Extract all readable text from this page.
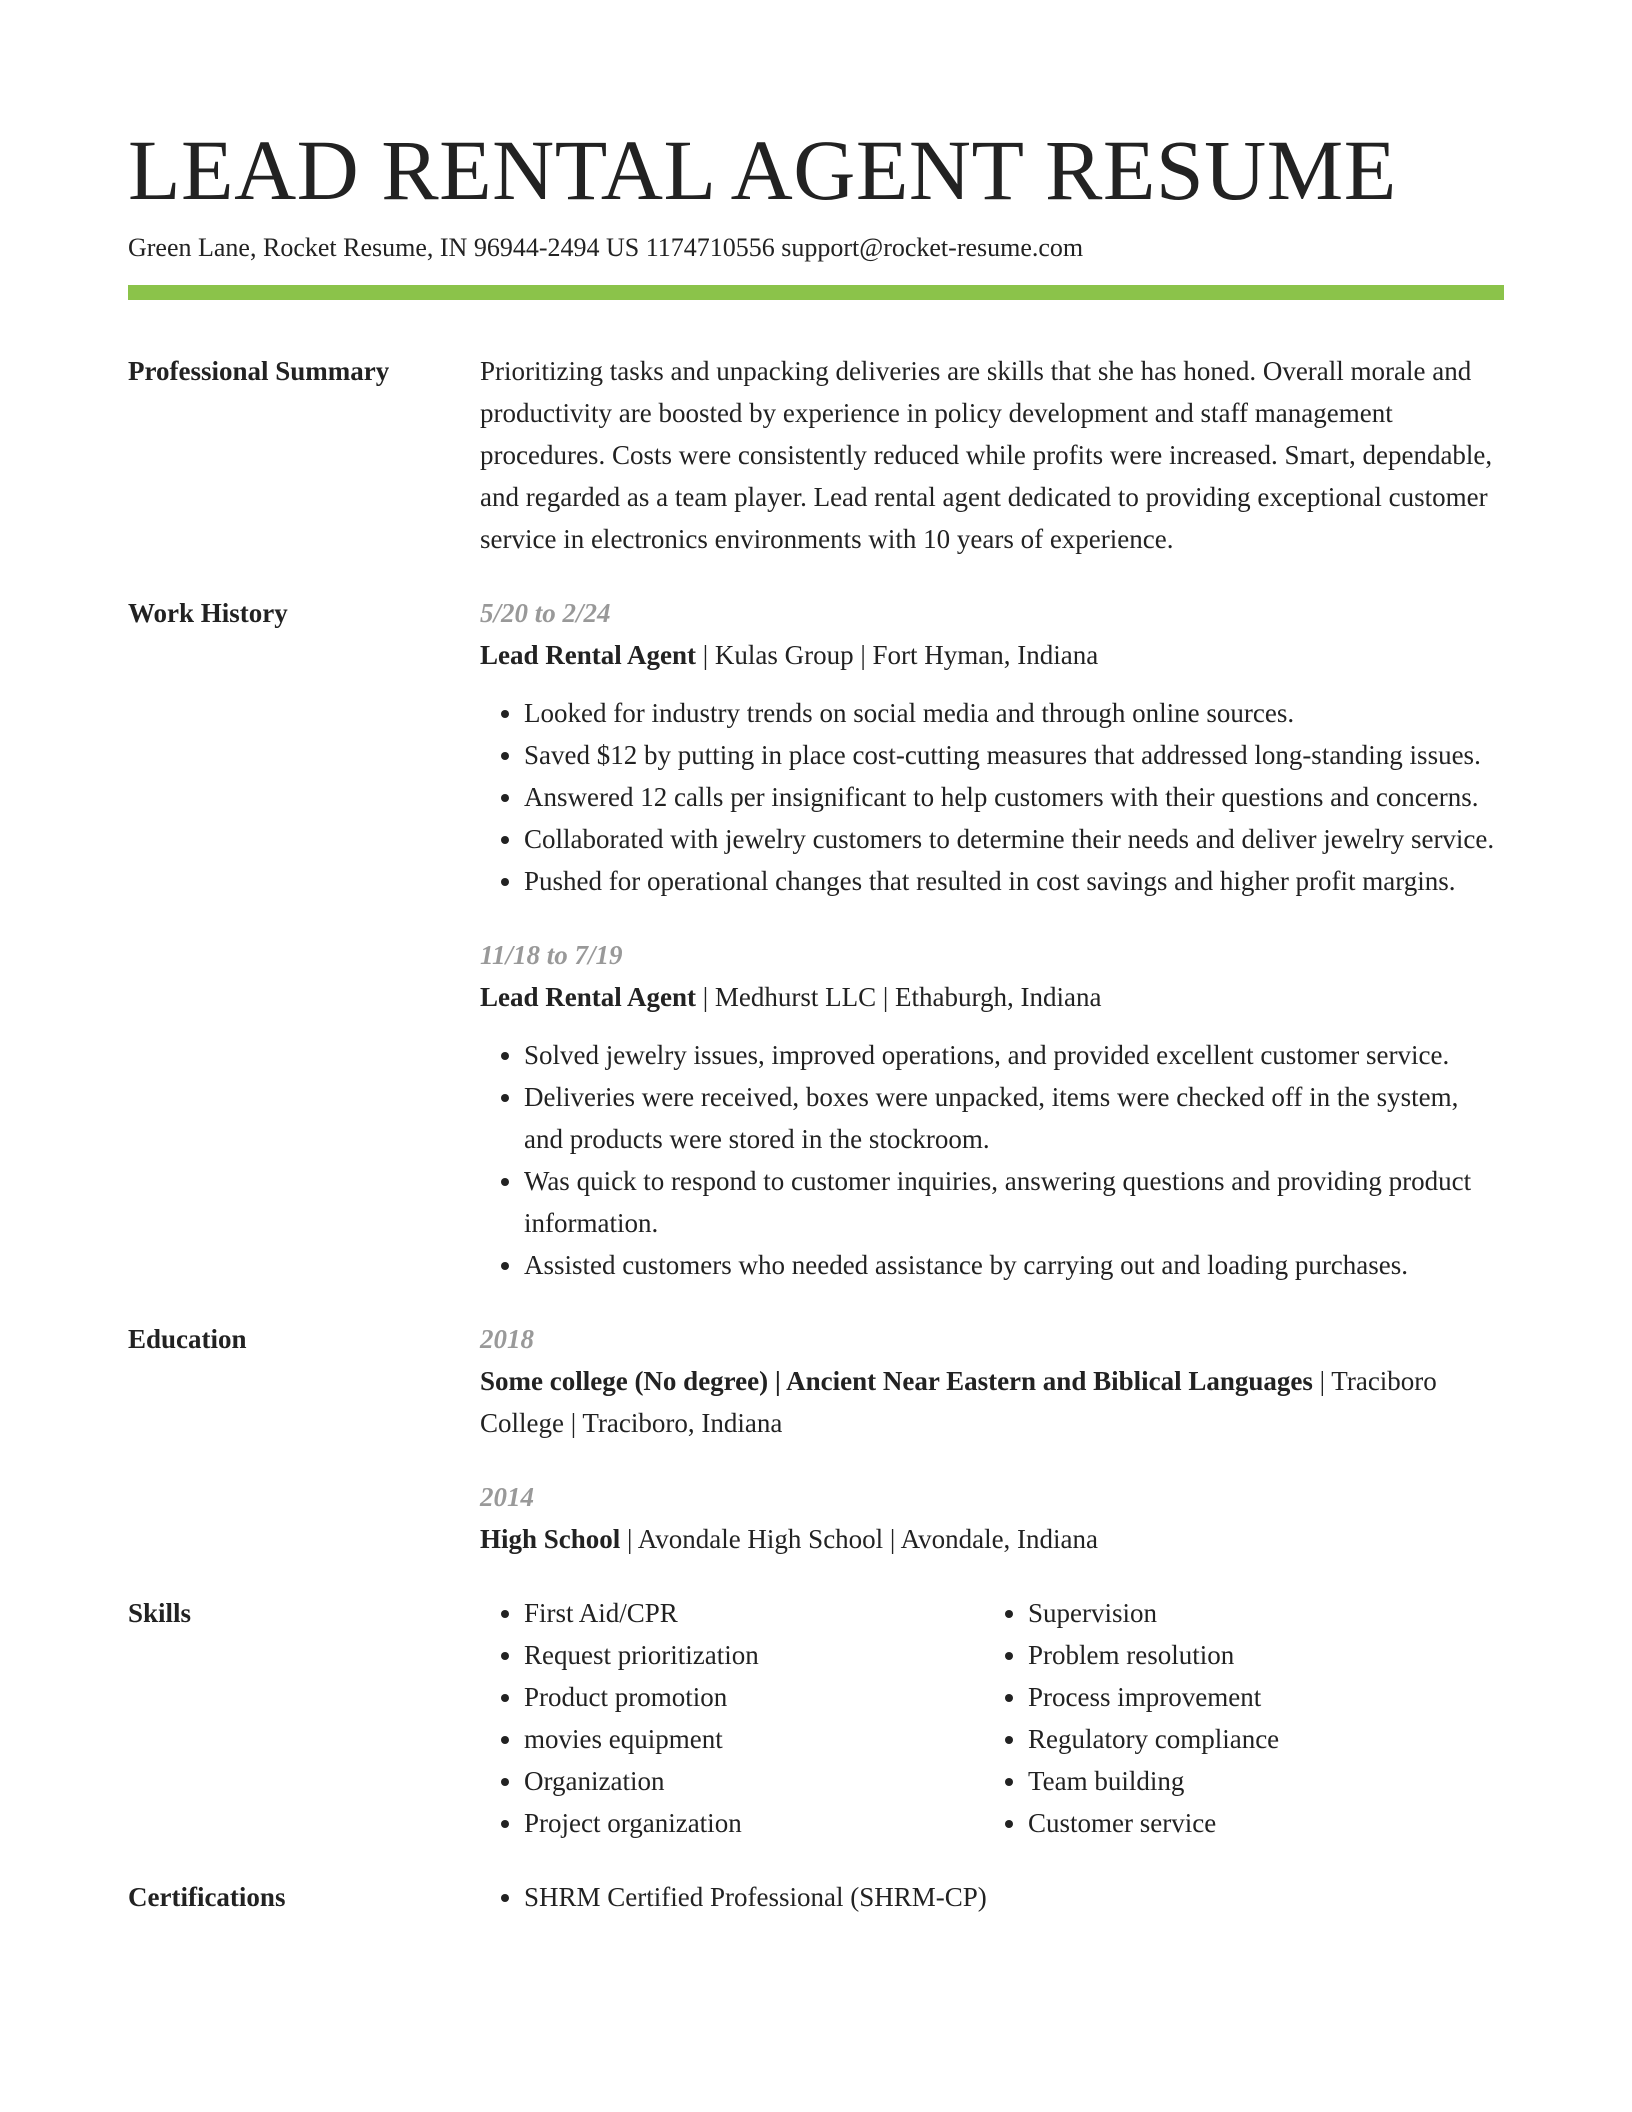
LEAD RENTAL AGENT RESUME
Green Lane, Rocket Resume, IN 96944-2494 US 1174710556 support@rocket-resume.com
Professional Summary	Prioritizing tasks and unpacking deliveries are skills that she has honed. Overall morale and productivity are boosted by experience in policy development and staff management procedures. Costs were consistently reduced while profits were increased. Smart, dependable, and regarded as a team player. Lead rental agent dedicated to providing exceptional customer service in electronics environments with 10 years of experience.
Work History	5/20 to 2/24
Lead Rental Agent | Kulas Group | Fort Hyman, Indiana
• Looked for industry trends on social media and through online sources.
• Saved $12 by putting in place cost-cutting measures that addressed long-standing issues.
• Answered 12 calls per insignificant to help customers with their questions and concerns.
• Collaborated with jewelry customers to determine their needs and deliver jewelry service.
• Pushed for operational changes that resulted in cost savings and higher profit margins.
11/18 to 7/19
Lead Rental Agent | Medhurst LLC | Ethaburgh, Indiana
• Solved jewelry issues, improved operations, and provided excellent customer service.
• Deliveries were received, boxes were unpacked, items were checked off in the system, and products were stored in the stockroom.
• Was quick to respond to customer inquiries, answering questions and providing product information.
• Assisted customers who needed assistance by carrying out and loading purchases.
Education	2018
Some college (No degree) | Ancient Near Eastern and Biblical Languages | Traciboro College | Traciboro, Indiana
2014
High School | Avondale High School | Avondale, Indiana
Skills	• First Aid/CPR
• Request prioritization
• Product promotion
• movies equipment
• Organization
• Project organization
• Supervision
• Problem resolution
• Process improvement
• Regulatory compliance
• Team building
• Customer service
Certifications	• SHRM Certified Professional (SHRM-CP)
